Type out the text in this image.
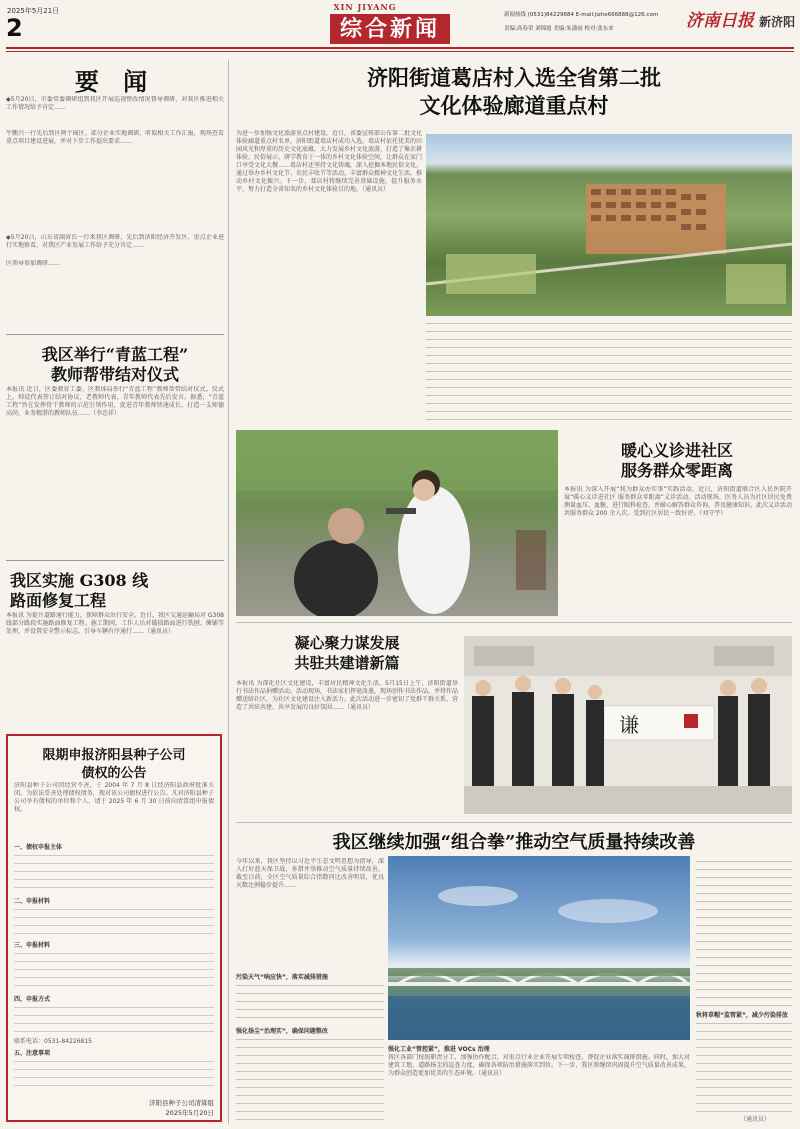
2025年5月21日
2
XIN JIYANG
综合新闻
新闻热线 (0531)84229684 E-mail:jizhe666888@126.com
责编:高春荣 刘锦霞 美编:朱潇雨 校对:张东来	济南日报 新济阳
要 闻
◆5月20日，市委常委调研组到我区开展巡视整改情况督导调研，对我区推进相关工作情况给予肯定……
牛鹏兴一行先后到区两个园区、部分企业实地调研，听取相关工作汇报，现场查看重点项目建设进展，并对下步工作提出要求……
◆5月20日，山东省副省长一行来我区调研，先后到济阳经济开发区、重点企业进行实地察看，对我区产业发展工作给予充分肯定……
区领导参加调研……
我区举行“青蓝工程”
教师帮带结对仪式
本报讯 近日，区委教育工委、区教体局举行“青蓝工程”教师帮带结对仪式。仪式上，师徒代表签订结对协议，老教师代表、青年教师代表先后发言。据悉，“青蓝工程”旨在发挥骨干教师的示范引领作用，促进青年教师快速成长，打造一支师德高尚、业务精湛的教师队伍……（李忠祥）
我区实施 G308 线
路面修复工程
本报讯 为提升道路通行能力，保障群众出行安全，近日，我区交通运输局对 G308 线部分路段实施路面修复工程。施工期间，工作人员对破损路面进行铣刨、摊铺等处理，并设置安全警示标志，引导车辆有序通行……（通讯员）
限期申报济阳县种子公司
债权的公告
济阳县种子公司因经营不善，于 2004 年 7 月 8 日经济阳县政府批准关闭。为依法妥善处理债权债务，现对该公司债权进行公告。凡对济阳县种子公司享有债权的单位和个人，请于 2025 年 6 月 30 日前向清算组申报债权。
一、债权申报主体
二、申报材料
三、申报材料
四、申报方式
联系电话：0531-84226815
五、注意事项
济阳县种子公司清算组
2025年5月20日
济阳街道葛店村入选全省第二批
文化体验廊道重点村
为进一步加强文化旅游重点村建设，近日，省委宣传部公布第二批文化体验廊道重点村名单，济阳街道葛店村成功入选。葛店村依托优美的田园风光和厚重的历史文化底蕴，大力发展乡村文化旅游，打造了集农耕体验、民俗展示、研学教育于一体的乡村文化体验空间，让群众在家门口享受文化大餐……葛店村还坚持文化铸魂，深入挖掘本地民俗文化，通过举办乡村文化节、农民丰收节等活动，丰富群众精神文化生活，推动乡村文化振兴。下一步，葛店村将继续完善基础设施，提升服务水平，努力打造全省知名的乡村文化体验目的地。（通讯员）
暖心义诊进社区
服务群众零距离
本报讯 为深入开展“我为群众办实事”实践活动，近日，济阳街道联合区人民医院开展“暖心义诊进社区 服务群众零距离”义诊活动。活动现场，医务人员为社区居民免费测量血压、血糖，进行眼科检查，并耐心解答群众咨询，普及健康知识。此次义诊活动共服务群众 200 余人次，受到社区居民一致好评。（刘守宇）
凝心聚力谋发展
共驻共建谱新篇
本报讯 为深化社区文化建设，丰富居民精神文化生活，5月15日上午，济阳街道举行书法作品捐赠活动。活动现场，书法家们挥毫泼墨，现场创作书法作品，并将作品赠送给社区，为社区文化建设注入新活力。此次活动进一步密切了党群干群关系，营造了共驻共建、共享发展的良好氛围……（通讯员）
谦
我区继续加强“组合拳”推动空气质量持续改善
今年以来，我区坚持以习近平生态文明思想为指导，深入打好蓝天保卫战，多措并举推动空气质量持续改善。截至目前，全区空气质量综合指数同比改善明显，优良天数比例稳步提升……
污染天气“响应快”，落实减排措施
强化扬尘“治理实”，确保问题整改
强化工业“管控紧”，推进 VOCs 治理
我区各部门按照职责分工，加强协作配合，对重点行业企业开展专项检查，督促企业落实减排措施。同时，加大对建筑工地、道路扬尘的巡查力度，确保各项防治措施落实到位。下一步，我区将继续巩固提升空气质量改善成果，为群众创造更加优美的生态环境。（通讯员）
秋将草帽“监管紧”，减少污染排放
（通讯员）
